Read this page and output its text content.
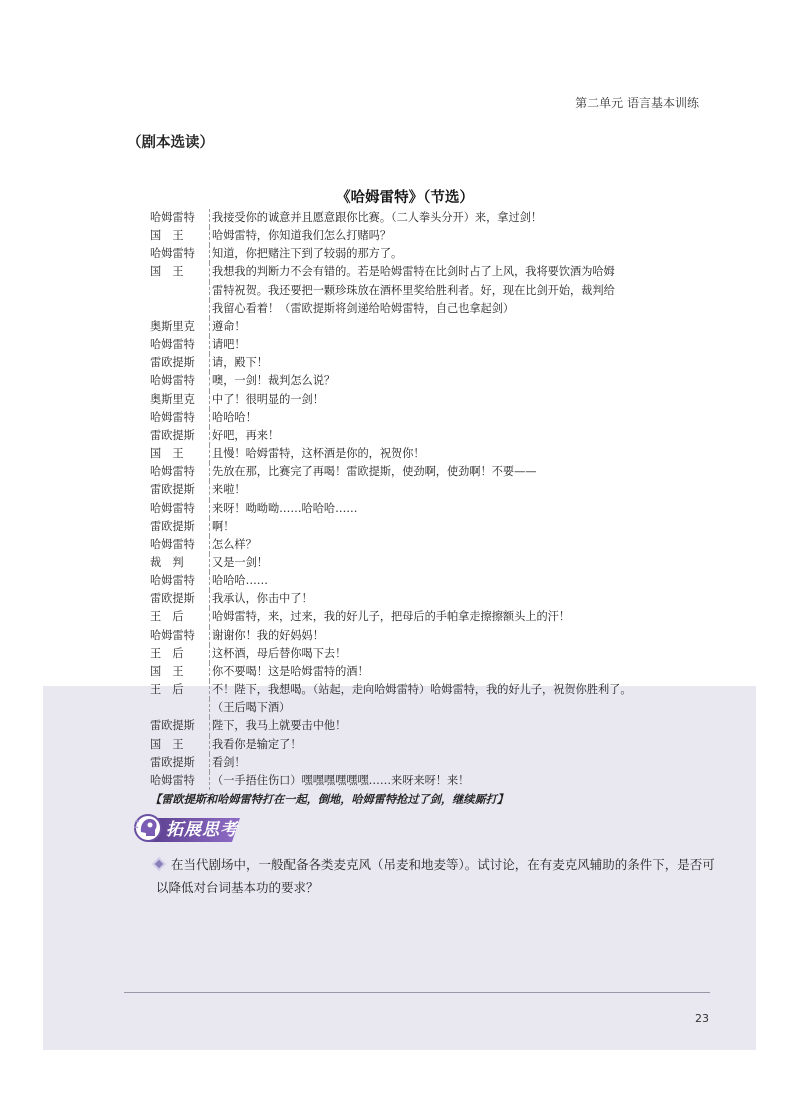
第二单元 语言基本训练
（剧本选读）
《哈姆雷特》（节选）
哈姆雷特	我接受你的诚意并且愿意跟你比赛。（二人拳头分开）来，拿过剑！
国　王	哈姆雷特，你知道我们怎么打赌吗？
哈姆雷特	知道，你把赌注下到了较弱的那方了。
国　王	我想我的判断力不会有错的。若是哈姆雷特在比剑时占了上风，我将要饮酒为哈姆
雷特祝贺。我还要把一颗珍珠放在酒杯里奖给胜利者。好，现在比剑开始，裁判给
我留心看着！（雷欧提斯将剑递给哈姆雷特，自己也拿起剑）
奥斯里克	遵命！
哈姆雷特	请吧！
雷欧提斯	请，殿下！
哈姆雷特	噢，一剑！裁判怎么说？
奥斯里克	中了！很明显的一剑！
哈姆雷特	哈哈哈！
雷欧提斯	好吧，再来！
国　王	且慢！哈姆雷特，这杯酒是你的，祝贺你！
哈姆雷特	先放在那，比赛完了再喝！雷欧提斯，使劲啊，使劲啊！不要——
雷欧提斯	来啦！
哈姆雷特	来呀！呦呦呦……哈哈哈……
雷欧提斯	啊！
哈姆雷特	怎么样？
裁　判	又是一剑！
哈姆雷特	哈哈哈……
雷欧提斯	我承认，你击中了！
王　后	哈姆雷特，来，过来，我的好儿子，把母后的手帕拿走擦擦额头上的汗！
哈姆雷特	谢谢你！我的好妈妈！
王　后	这杯酒，母后替你喝下去！
国　王	你不要喝！这是哈姆雷特的酒！
王　后	不！陛下，我想喝。（站起，走向哈姆雷特）哈姆雷特，我的好儿子，祝贺你胜利了。
（王后喝下酒）
雷欧提斯	陛下，我马上就要击中他！
国　王	我看你是输定了！
雷欧提斯	看剑！
哈姆雷特	（一手捂住伤口）嘿嘿嘿嘿嘿嘿……来呀来呀！来！
【雷欧提斯和哈姆雷特打在一起，倒地，哈姆雷特抢过了剑，继续厮打】
拓展思考
在当代剧场中，一般配备各类麦克风（吊麦和地麦等）。试讨论，在有麦克风辅助的条件下，是否可以降低对台词基本功的要求？
23
